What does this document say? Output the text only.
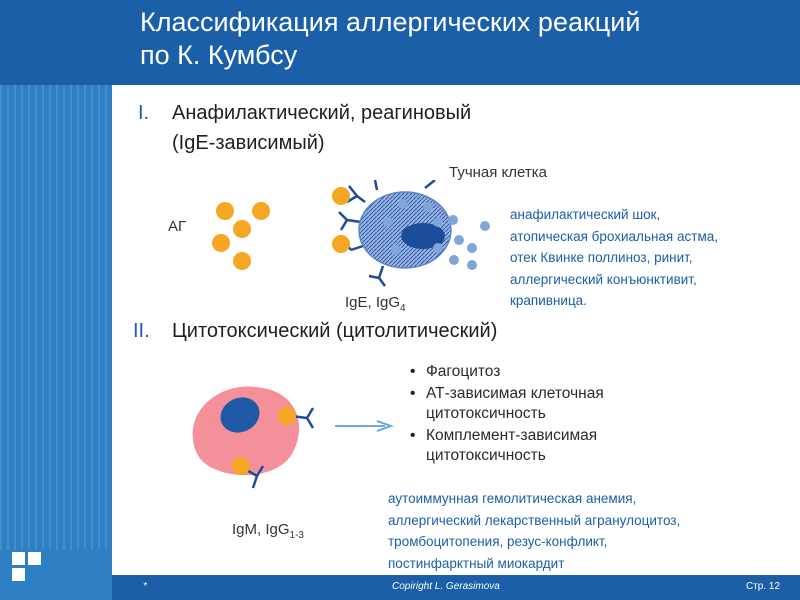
Классификация аллергических реакций
по К. Кумбсу
I. Анафилактический, реагиновый
(IgE-зависимый)
Тучная клетка
АГ
IgE, IgG$_4$
анафилактический шок,
атопическая брохиальная астма,
отек Квинке поллиноз, ринит,
аллергический конъюнктивит,
крапивница.
II. Цитотоксический (цитолитический)
IgM, IgG$_{1-3}$
• Фагоцитоз
• АТ-зависимая клеточная цитотоксичность
• Комплемент-зависимая цитотоксичность
аутоиммунная гемолитическая анемия,
аллергический лекарственный агранулоцитоз,
тромбоцитопения, резус-конфликт,
постинфарктный миокардит
*	Copiright L. Gerasimova	Стр. 12
